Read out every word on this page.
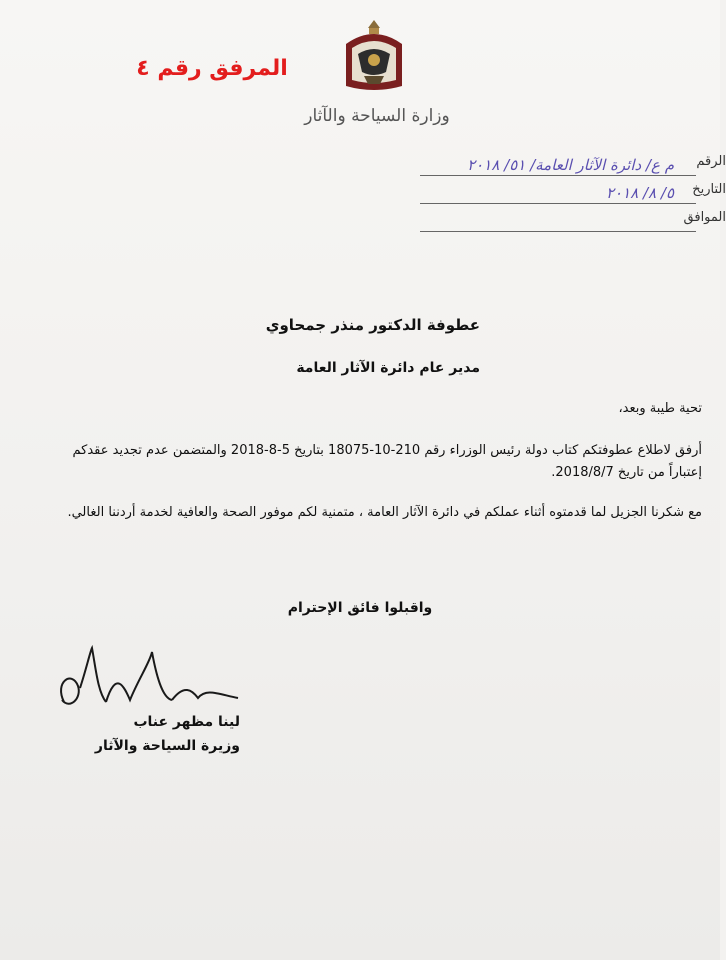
المرفق رقم ٤
وزارة السياحة والآثار
الرقم
م ع/ دائرة الآثار العامة/ ٥١/ ٢٠١٨
التاريخ
٥/ ٨/ ٢٠١٨
الموافق
عطوفة الدكتور منذر جمحاوي
مدير عام دائرة الآثار العامة
تحية طيبة وبعد،
أرفق لاطلاع عطوفتكم كتاب دولة رئيس الوزراء رقم 210-10-18075 بتاريخ 5-8-2018 والمتضمن عدم تجديد عقدكم إعتباراً من تاريخ 2018/8/7.
مع شكرنا الجزيل لما قدمتوه أثناء عملكم في دائرة الآثار العامة ، متمنية لكم موفور الصحة والعافية لخدمة أردننا الغالي.
واقبلوا فائق الإحترام
لينا مظهر عناب
وزيرة السياحة والآثار
